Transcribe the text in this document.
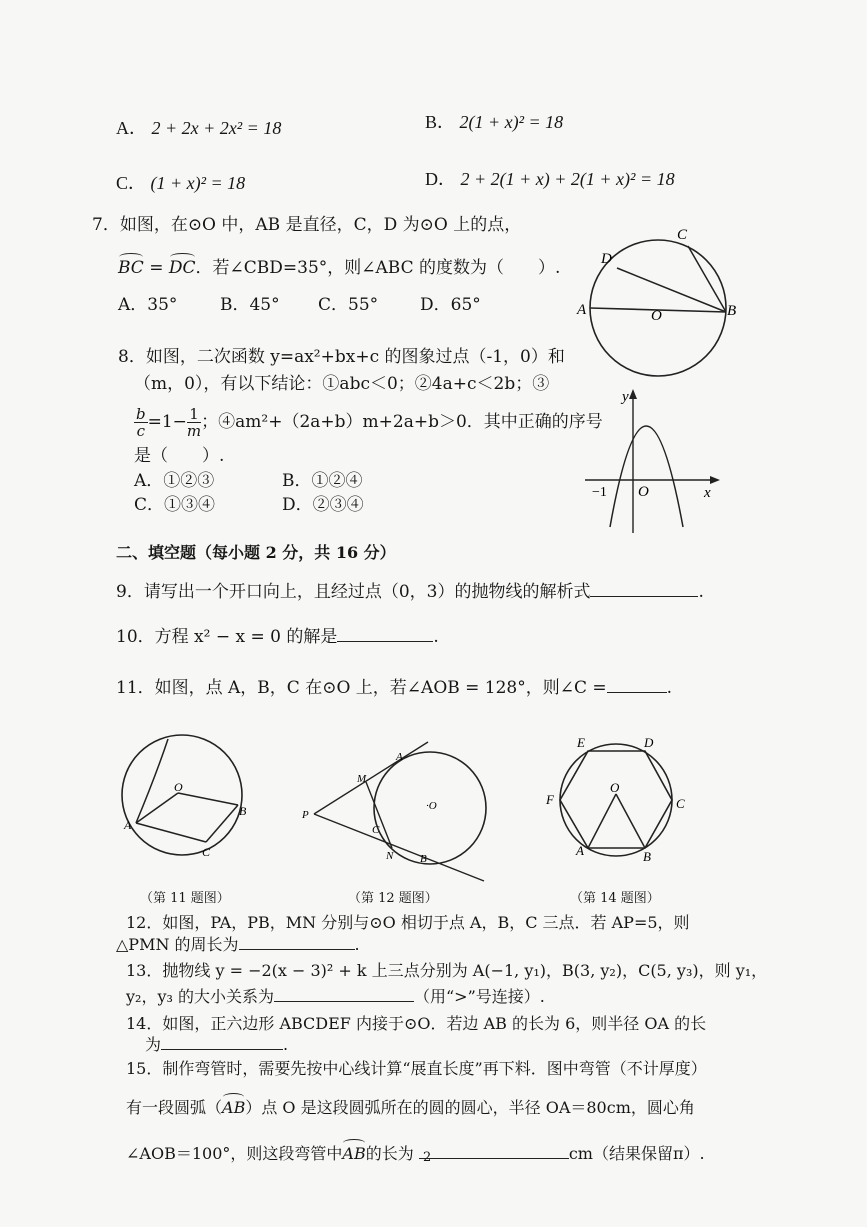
A． 2 + 2x + 2x² = 18	B． 2(1 + x)² = 18
C． (1 + x)² = 18	D． 2 + 2(1 + x) + 2(1 + x)² = 18
7．如图，在⊙O 中，AB 是直径，C，D 为⊙O 上的点，
BC = DC．若∠CBD=35°，则∠ABC 的度数为（　　）.
A．35°	B．45° C．55° D．65°	A	B
C
D
O
8．如图，二次函数 y=ax²+bx+c 的图象过点（-1，0）和
（m，0），有以下结论：①abc＜0；②4a+c＜2b；③
$\frac{b}{c} =1- \frac{1}{m}$ ；④am²+（2a+b）m+2a+b＞0．其中正确的序号
是（　　）.
A．①②③	B．①②④
C．①③④	D．②③④
y
x
O
−1
二、填空题（每小题 2 分，共 16 分）
9．请写出一个开口向上，且经过点（0，3）的抛物线的解析式	.
10．方程 x² − x = 0 的解是	.
11．如图，点 A，B，C 在⊙O 上，若∠AOB = 128°，则∠C =	.
O
A
B
C
（第 11 题图）
P
M
A
C
N B
·O
（第 12 题图）
E	D
F	C
O
A	B
（第 14 题图）
12．如图，PA，PB，MN 分别与⊙O 相切于点 A，B，C 三点．若 AP=5，则
△PMN 的周长为	.
13．抛物线 y = −2(x − 3)² + k 上三点分别为 A(−1, y₁)，B(3, y₂)，C(5, y₃)，则 y₁，
y₂，y₃ 的大小关系为	（用“>”号连接）.
14．如图，正六边形 ABCDEF 内接于⊙O．若边 AB 的长为 6，则半径 OA 的长
为	.
15．制作弯管时，需要先按中心线计算“展直长度”再下料．图中弯管（不计厚度）
有一段圆弧（AB）点 O 是这段圆弧所在的圆的圆心，半径 OA＝80cm，圆心角
∠AOB＝100°，则这段弯管中AB的长为	cm（结果保留π）.
2
